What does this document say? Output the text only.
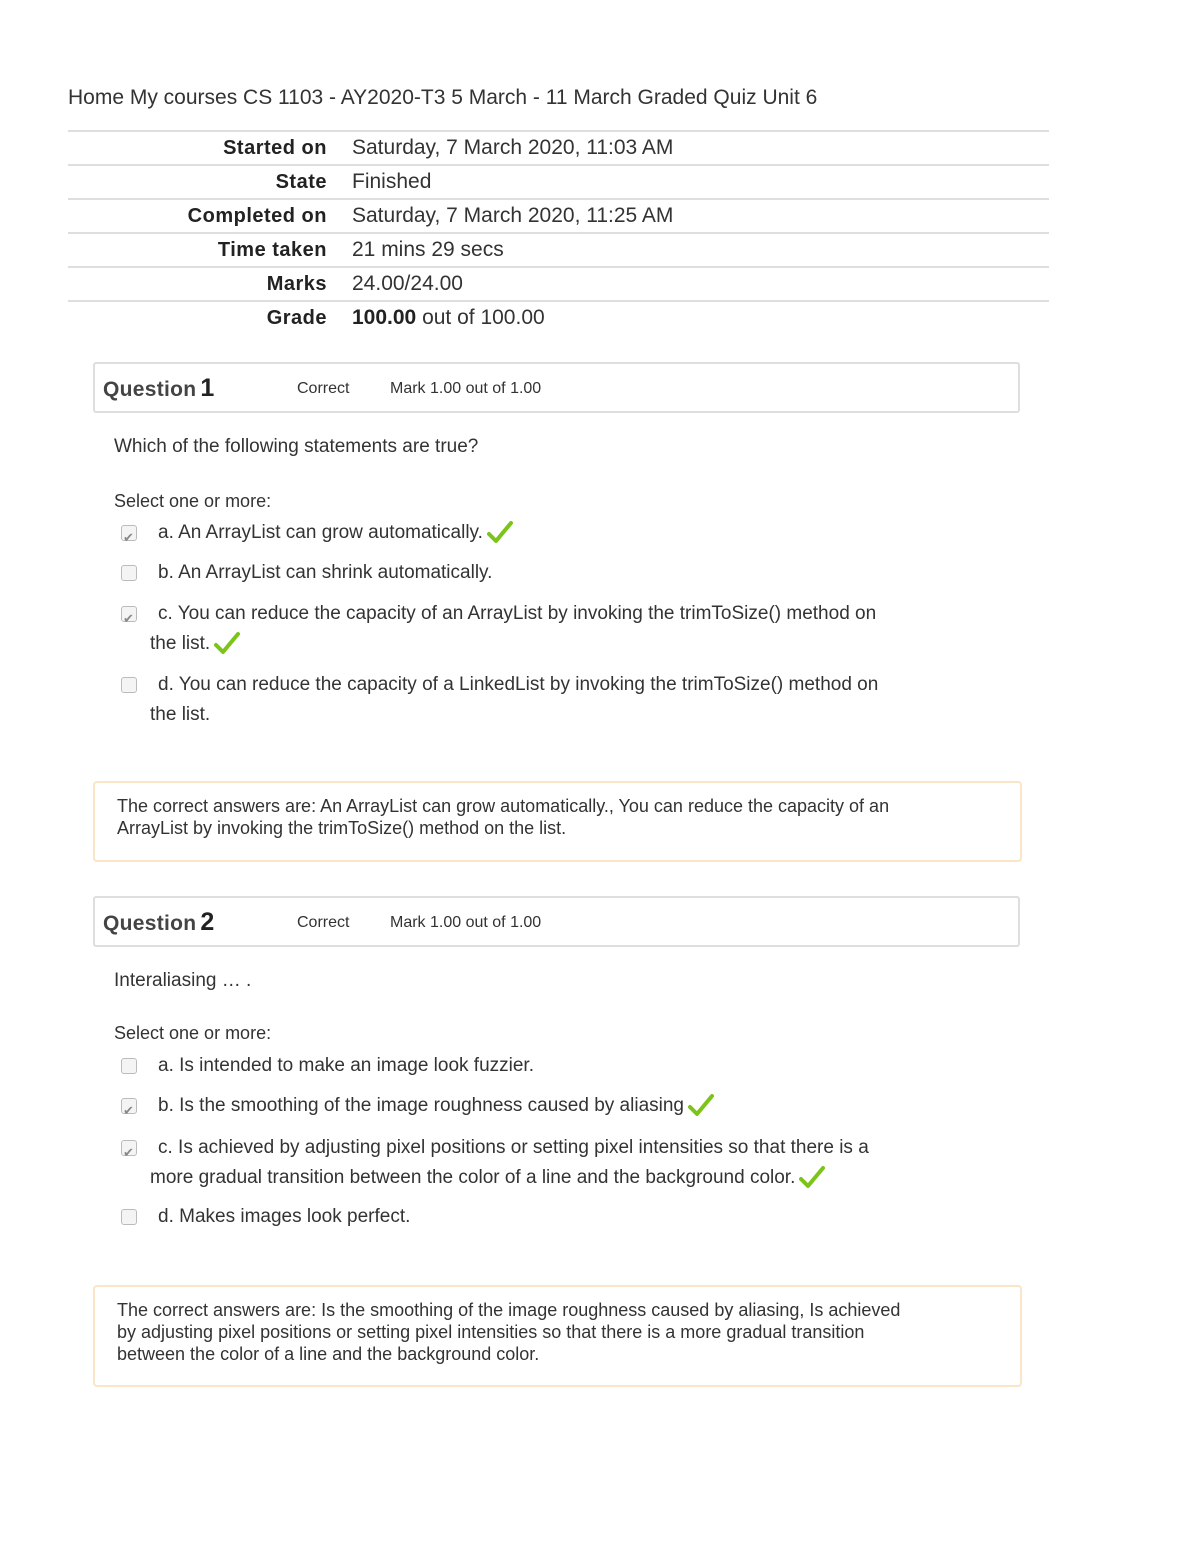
Home My courses CS 1103 - AY2020-T3 5 March - 11 March Graded Quiz Unit 6
Started on Saturday, 7 March 2020, 11:03 AM
State Finished
Completed on Saturday, 7 March 2020, 11:25 AM
Time taken 21 mins 29 secs
Marks 24.00/24.00
Grade 100.00 out of 100.00
Question 1	Correct	Mark 1.00 out of 1.00
Which of the following statements are true?
Select one or more:
✔
a. An ArrayList can grow automatically.
b. An ArrayList can shrink automatically.
✔
c. You can reduce the capacity of an ArrayList by invoking the trimToSize() method on
the list.
d. You can reduce the capacity of a LinkedList by invoking the trimToSize() method on
the list.
The correct answers are: An ArrayList can grow automatically., You can reduce the capacity of an
ArrayList by invoking the trimToSize() method on the list.
Question 2	Correct	Mark 1.00 out of 1.00
Interaliasing … .
Select one or more:
a. Is intended to make an image look fuzzier.
✔
b. Is the smoothing of the image roughness caused by aliasing
✔
c. Is achieved by adjusting pixel positions or setting pixel intensities so that there is a
more gradual transition between the color of a line and the background color.
d. Makes images look perfect.
The correct answers are: Is the smoothing of the image roughness caused by aliasing, Is achieved
by adjusting pixel positions or setting pixel intensities so that there is a more gradual transition
between the color of a line and the background color.
